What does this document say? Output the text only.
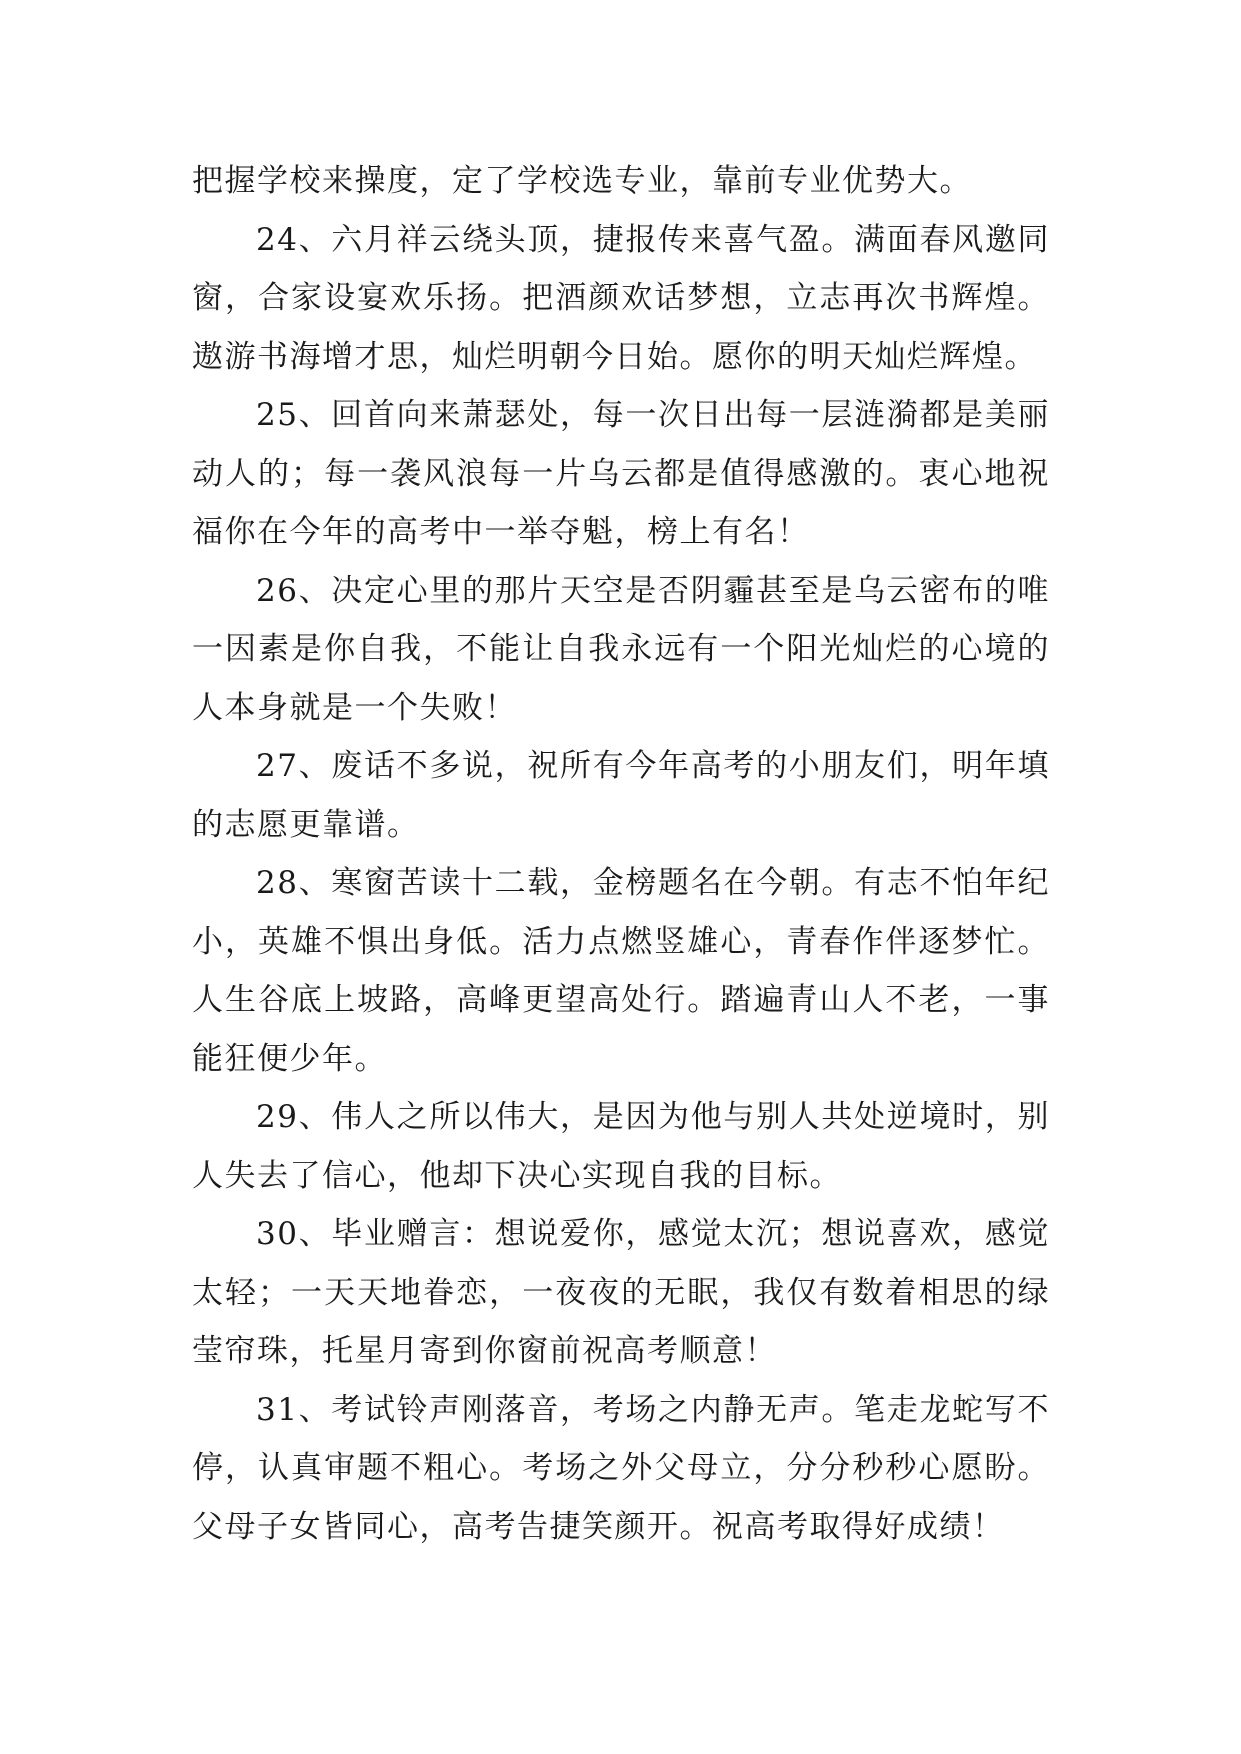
把握学校来操度，定了学校选专业，靠前专业优势大。

24、六月祥云绕头顶，捷报传来喜气盈。满面春风邀同窗，合家设宴欢乐扬。把酒颜欢话梦想，立志再次书辉煌。遨游书海增才思，灿烂明朝今日始。愿你的明天灿烂辉煌。

25、回首向来萧瑟处，每一次日出每一层涟漪都是美丽动人的；每一袭风浪每一片乌云都是值得感激的。衷心地祝福你在今年的高考中一举夺魁，榜上有名！

26、决定心里的那片天空是否阴霾甚至是乌云密布的唯一因素是你自我，不能让自我永远有一个阳光灿烂的心境的人本身就是一个失败！

27、废话不多说，祝所有今年高考的小朋友们，明年填的志愿更靠谱。

28、寒窗苦读十二载，金榜题名在今朝。有志不怕年纪小，英雄不惧出身低。活力点燃竖雄心，青春作伴逐梦忙。人生谷底上坡路，高峰更望高处行。踏遍青山人不老，一事能狂便少年。

29、伟人之所以伟大，是因为他与别人共处逆境时，别人失去了信心，他却下决心实现自我的目标。

30、毕业赠言：想说爱你，感觉太沉；想说喜欢，感觉太轻；一天天地眷恋，一夜夜的无眠，我仅有数着相思的绿莹帘珠，托星月寄到你窗前祝高考顺意！

31、考试铃声刚落音，考场之内静无声。笔走龙蛇写不停，认真审题不粗心。考场之外父母立，分分秒秒心愿盼。父母子女皆同心，高考告捷笑颜开。祝高考取得好成绩！
